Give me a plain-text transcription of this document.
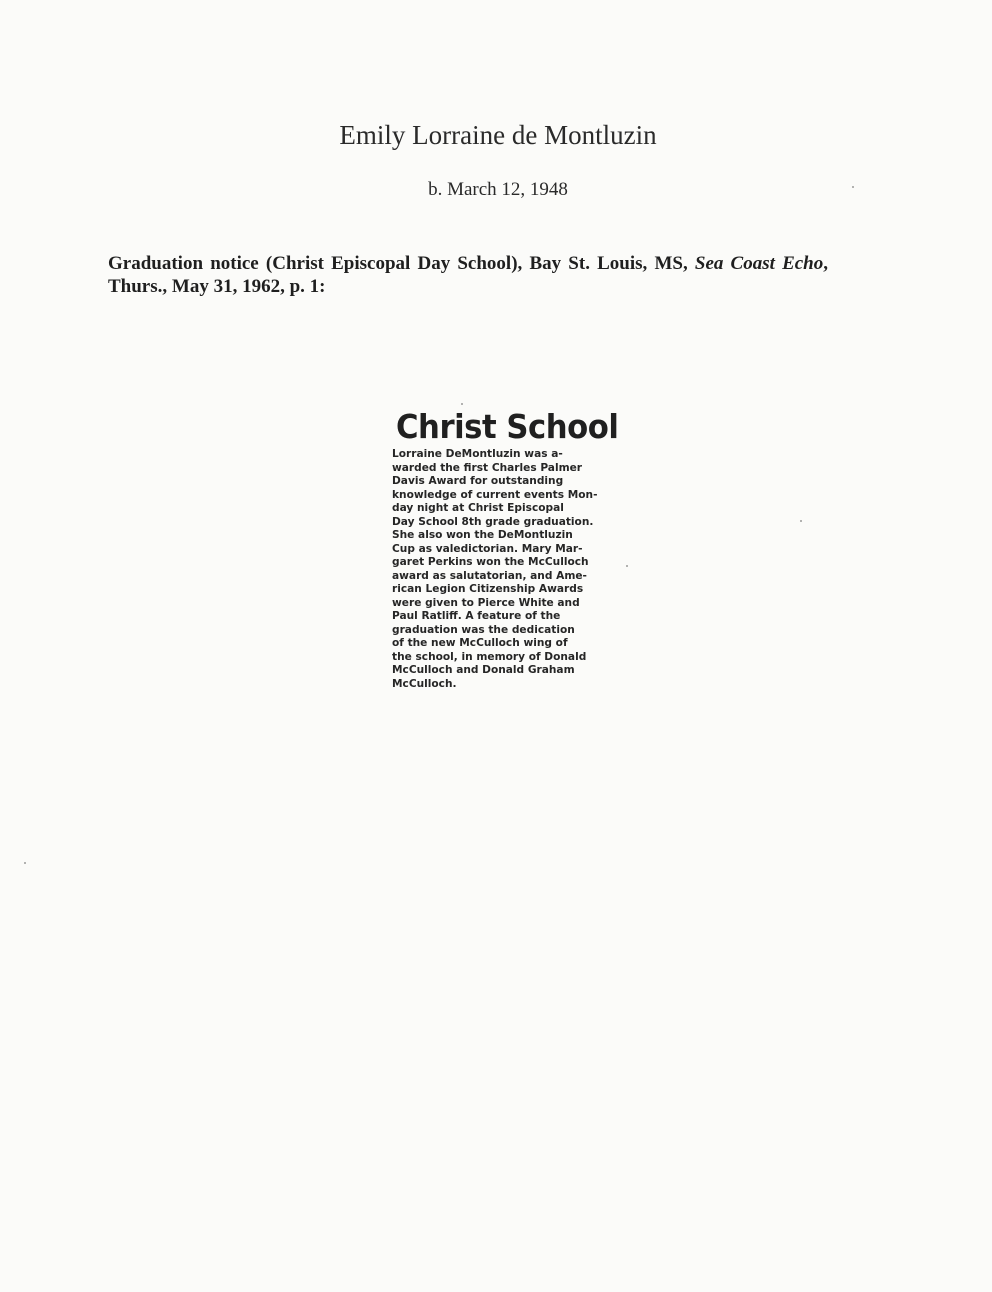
Emily Lorraine de Montluzin
b. March 12, 1948
Graduation notice (Christ Episcopal Day School), Bay St. Louis, MS, Sea Coast Echo, Thurs., May 31, 1962, p. 1:
Christ School
Lorraine DeMontluzin was a-
warded the first Charles Palmer
Davis Award for outstanding
knowledge of current events Mon-
day night at Christ Episcopal
Day School 8th grade graduation.
She also won the DeMontluzin
Cup as valedictorian. Mary Mar-
garet Perkins won the McCulloch
award as salutatorian, and Ame-
rican Legion Citizenship Awards
were given to Pierce White and
Paul Ratliff. A feature of the
graduation was the dedication
of the new McCulloch wing of
the school, in memory of Donald
McCulloch and Donald Graham
McCulloch.
